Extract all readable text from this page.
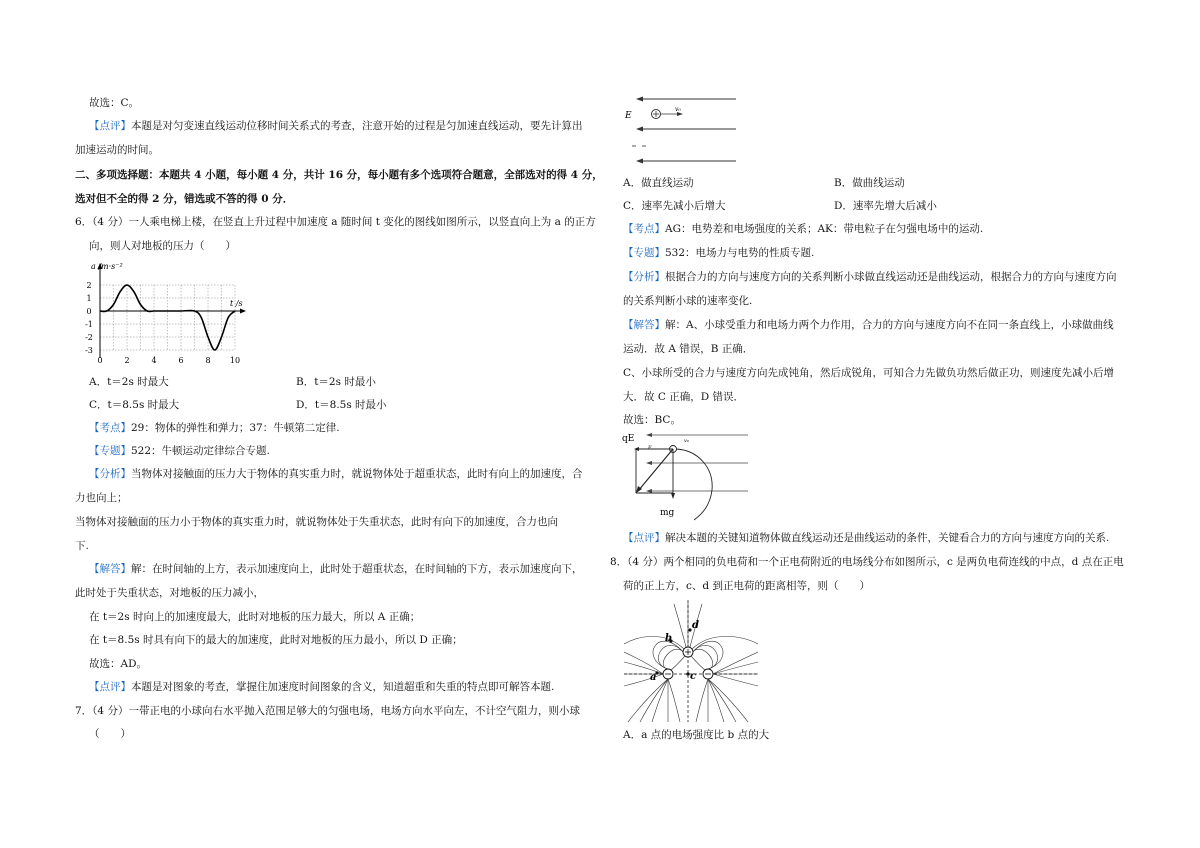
故选：C。
【点评】本题是对匀变速直线运动位移时间关系式的考查，注意开始的过程是匀加速直线运动，要先计算出
加速运动的时间。
二、多项选择题：本题共 4 小题，每小题 4 分，共计 16 分，每小题有多个选项符合题意，全部选对的得 4 分，
选对但不全的得 2 分，错选或不答的得 0 分．
6．（4 分）一人乘电梯上楼，在竖直上升过程中加速度 a 随时间 t 变化的图线如图所示，以竖直向上为 a 的正方
向，则人对地板的压力（　　）
2
1
0
-1
-2
-3
0	2	4	6	8 10
a /m·s⁻²
t /s
A．t＝2s 时最大	B．t＝2s 时最小
C．t＝8.5s 时最大	D．t＝8.5s 时最小
【考点】29：物体的弹性和弹力；37：牛顿第二定律.
【专题】522：牛顿运动定律综合专题.
【分析】当物体对接触面的压力大于物体的真实重力时，就说物体处于超重状态，此时有向上的加速度，合
力也向上；
当物体对接触面的压力小于物体的真实重力时，就说物体处于失重状态，此时有向下的加速度，合力也向
下.
【解答】解：在时间轴的上方，表示加速度向上，此时处于超重状态，在时间轴的下方，表示加速度向下，
此时处于失重状态，对地板的压力减小，
在 t＝2s 时向上的加速度最大，此时对地板的压力最大，所以 A 正确；
在 t＝8.5s 时具有向下的最大的加速度，此时对地板的压力最小，所以 D 正确；
故选：AD。
【点评】本题是对图象的考查，掌握住加速度时间图象的含义，知道超重和失重的特点即可解答本题.
7．（4 分）一带正电的小球向右水平抛入范围足够大的匀强电场，电场方向水平向左，不计空气阻力，则小球
（　　）
E
v₀
A．做直线运动	B．做曲线运动
C．速率先减小后增大	D．速率先增大后减小
【考点】AG：电势差和电场强度的关系；AK：带电粒子在匀强电场中的运动.
【专题】532：电场力与电势的性质专题.
【分析】根据合力的方向与速度方向的关系判断小球做直线运动还是曲线运动，根据合力的方向与速度方向
的关系判断小球的速率变化.
【解答】解：A、小球受重力和电场力两个力作用，合力的方向与速度方向不在同一条直线上，小球做曲线
运动．故 A 错误，B 正确．
C、小球所受的合力与速度方向先成钝角，然后成锐角，可知合力先做负功然后做正功，则速度先减小后增
大．故 C 正确，D 错误．
故选：BC。
qE
E
v₀
mg
【点评】解决本题的关键知道物体做直线运动还是曲线运动的条件，关键看合力的方向与速度方向的关系.
8．（4 分）两个相同的负电荷和一个正电荷附近的电场线分布如图所示，c 是两负电荷连线的中点，d 点在正电
荷的正上方，c、d 到正电荷的距离相等，则（　　）
d
b
a	c
A．a 点的电场强度比 b 点的大
